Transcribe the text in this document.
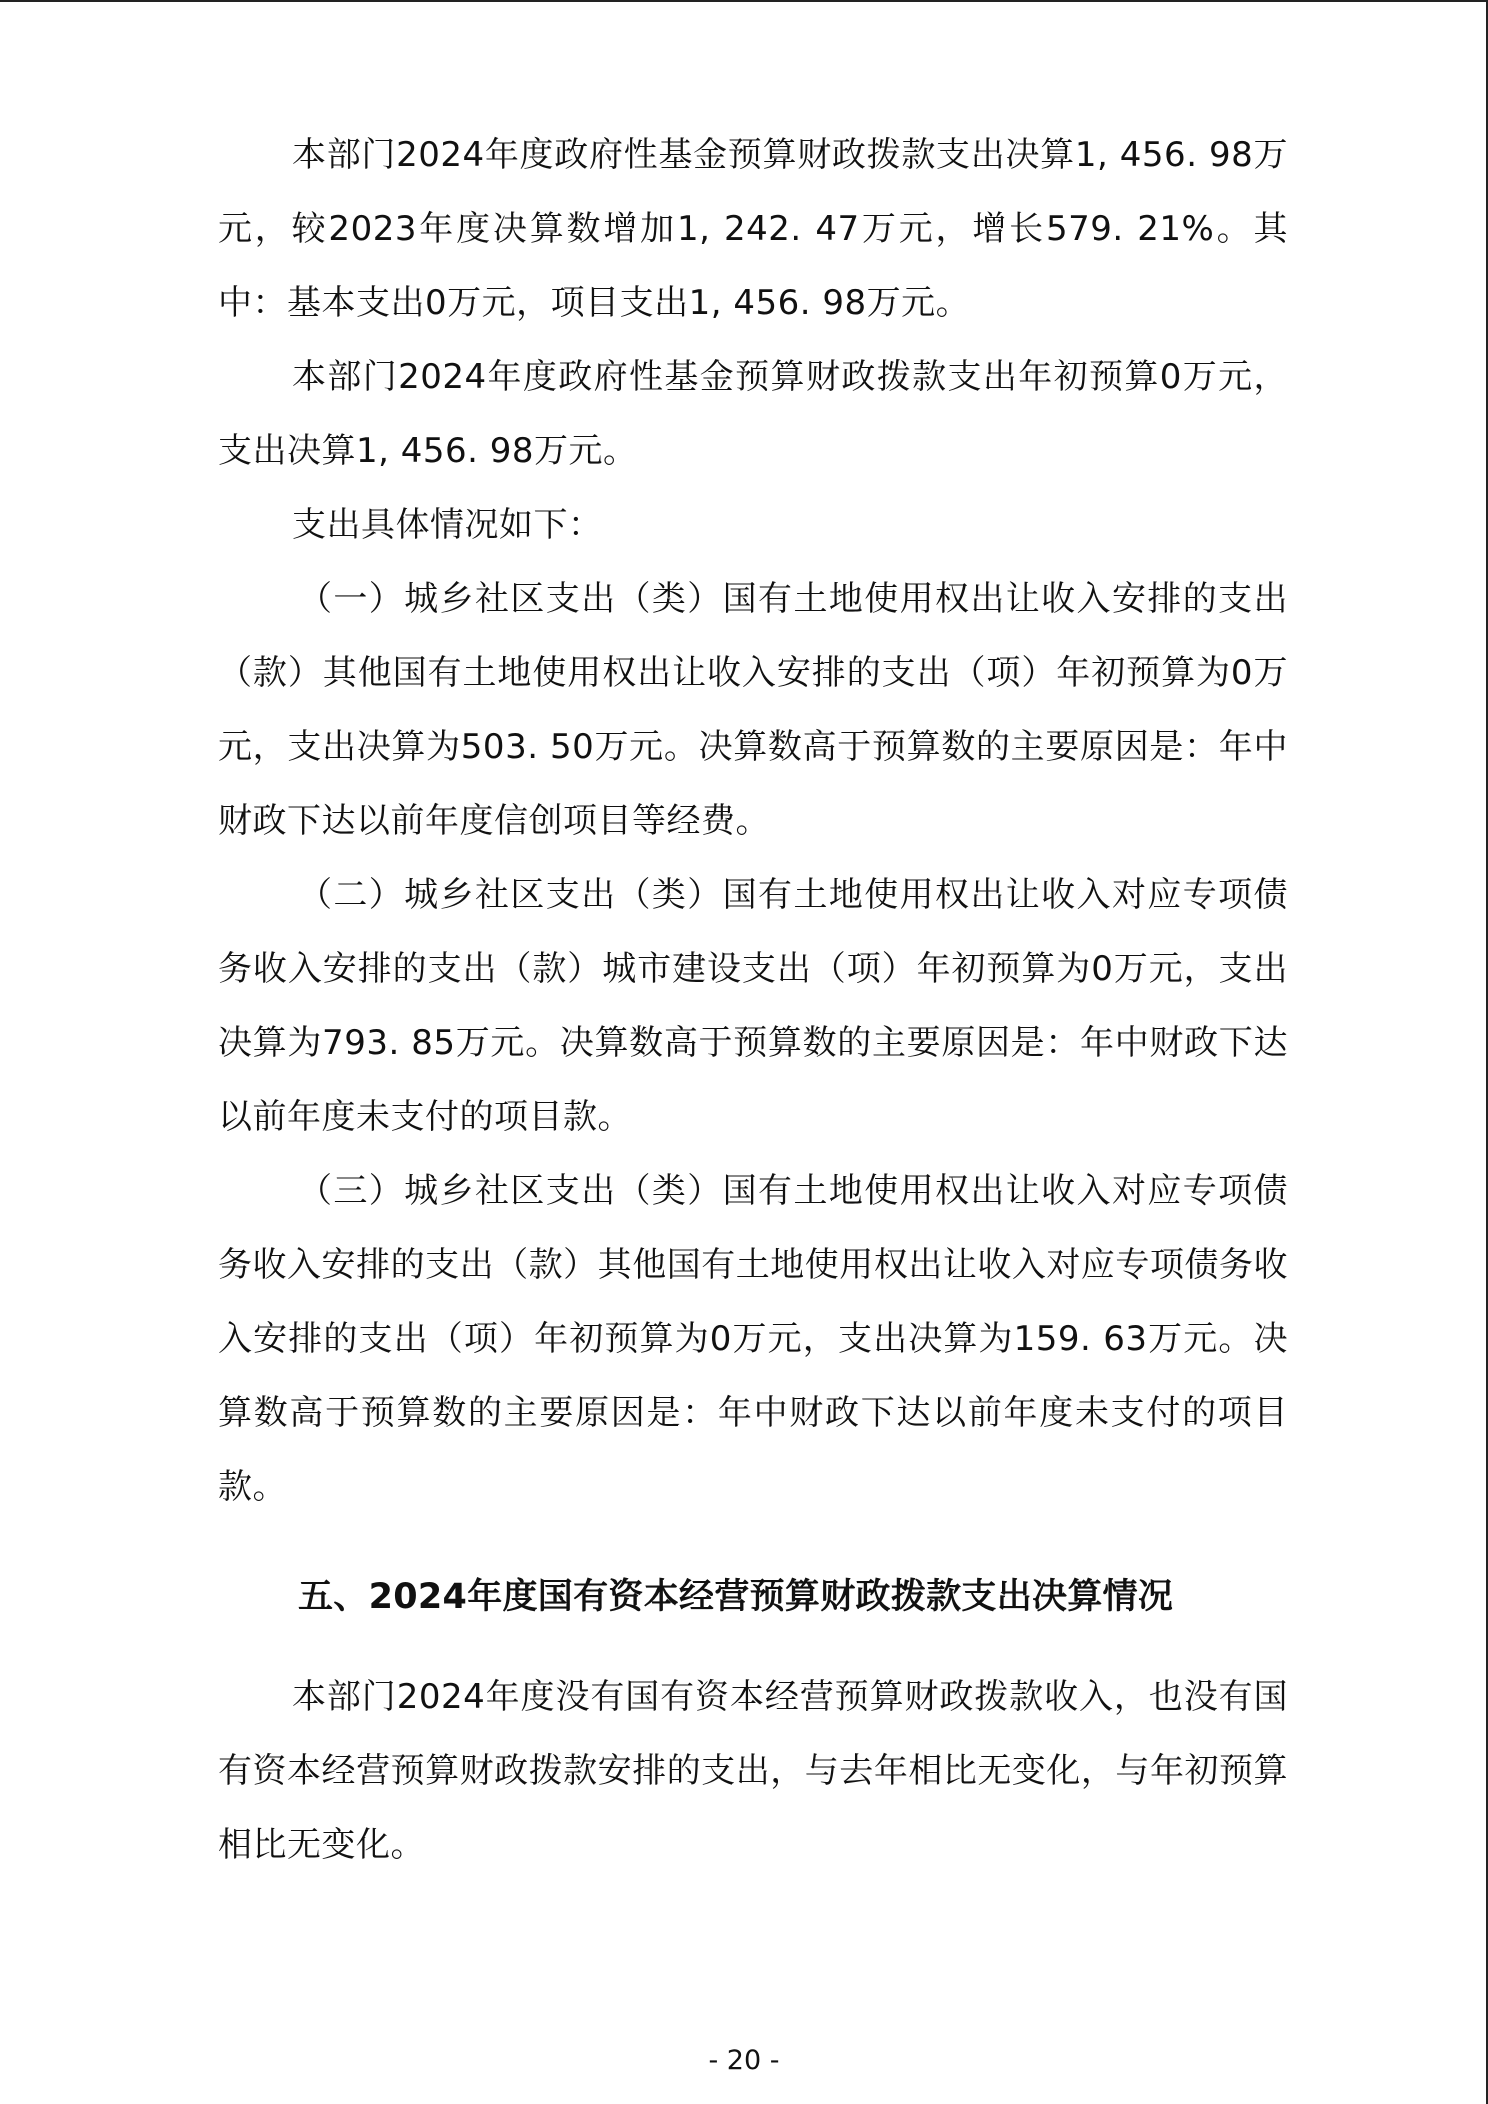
本部门2024年度政府性基金预算财政拨款支出决算1, 456. 98万元，较2023年度决算数增加1, 242. 47万元，增长579. 21%。其中：基本支出0万元，项目支出1, 456. 98万元。

本部门2024年度政府性基金预算财政拨款支出年初预算0万元，支出决算1, 456. 98万元。

支出具体情况如下：

（一）城乡社区支出（类）国有土地使用权出让收入安排的支出（款）其他国有土地使用权出让收入安排的支出（项）年初预算为0万元，支出决算为503. 50万元。决算数高于预算数的主要原因是：年中财政下达以前年度信创项目等经费。

（二）城乡社区支出（类）国有土地使用权出让收入对应专项债务收入安排的支出（款）城市建设支出（项）年初预算为0万元，支出决算为793. 85万元。决算数高于预算数的主要原因是：年中财政下达以前年度未支付的项目款。

（三）城乡社区支出（类）国有土地使用权出让收入对应专项债务收入安排的支出（款）其他国有土地使用权出让收入对应专项债务收入安排的支出（项）年初预算为0万元，支出决算为159. 63万元。决算数高于预算数的主要原因是：年中财政下达以前年度未支付的项目款。

五、2024年度国有资本经营预算财政拨款支出决算情况

本部门2024年度没有国有资本经营预算财政拨款收入，也没有国有资本经营预算财政拨款安排的支出，与去年相比无变化，与年初预算相比无变化。

- 20 -
